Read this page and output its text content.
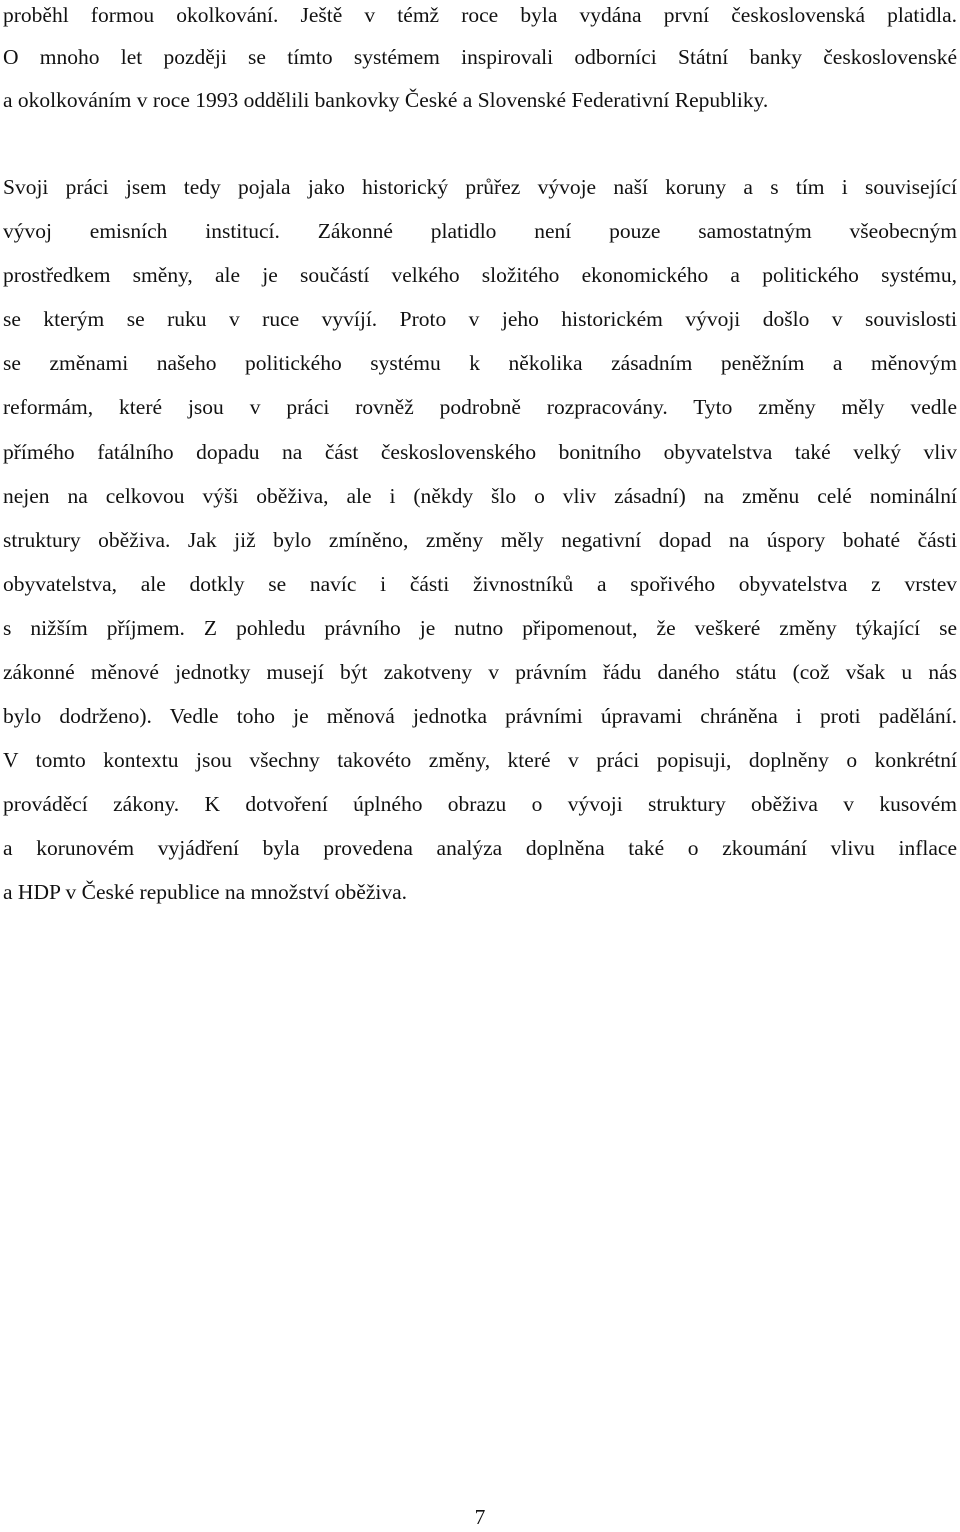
proběhl formou okolkování. Ještě v témž roce byla vydána první československá platidla.
O mnoho let později se tímto systémem inspirovali odborníci Státní banky československé
a okolkováním v roce 1993 oddělili bankovky České a Slovenské Federativní Republiky.
Svoji práci jsem tedy pojala jako historický průřez vývoje naší koruny a s tím i související
vývoj emisních institucí. Zákonné platidlo není pouze samostatným všeobecným
prostředkem směny, ale je součástí velkého složitého ekonomického a politického systému,
se kterým se ruku v ruce vyvíjí. Proto v jeho historickém vývoji došlo v souvislosti
se změnami našeho politického systému k několika zásadním peněžním a měnovým
reformám, které jsou v práci rovněž podrobně rozpracovány. Tyto změny měly vedle
přímého fatálního dopadu na část československého bonitního obyvatelstva také velký vliv
nejen na celkovou výši oběživa, ale i (někdy šlo o vliv zásadní) na změnu celé nominální
struktury oběživa. Jak již bylo zmíněno, změny měly negativní dopad na úspory bohaté části
obyvatelstva, ale dotkly se navíc i části živnostníků a spořivého obyvatelstva z vrstev
s nižším příjmem. Z pohledu právního je nutno připomenout, že veškeré změny týkající se
zákonné měnové jednotky musejí být zakotveny v právním řádu daného státu (což však u nás
bylo dodrženo). Vedle toho je měnová jednotka právními úpravami chráněna i proti padělání.
V tomto kontextu jsou všechny takovéto změny, které v práci popisuji, doplněny o konkrétní
prováděcí zákony. K dotvoření úplného obrazu o vývoji struktury oběživa v kusovém
a korunovém vyjádření byla provedena analýza doplněna také o zkoumání vlivu inflace
a HDP v České republice na množství oběživa.
7
